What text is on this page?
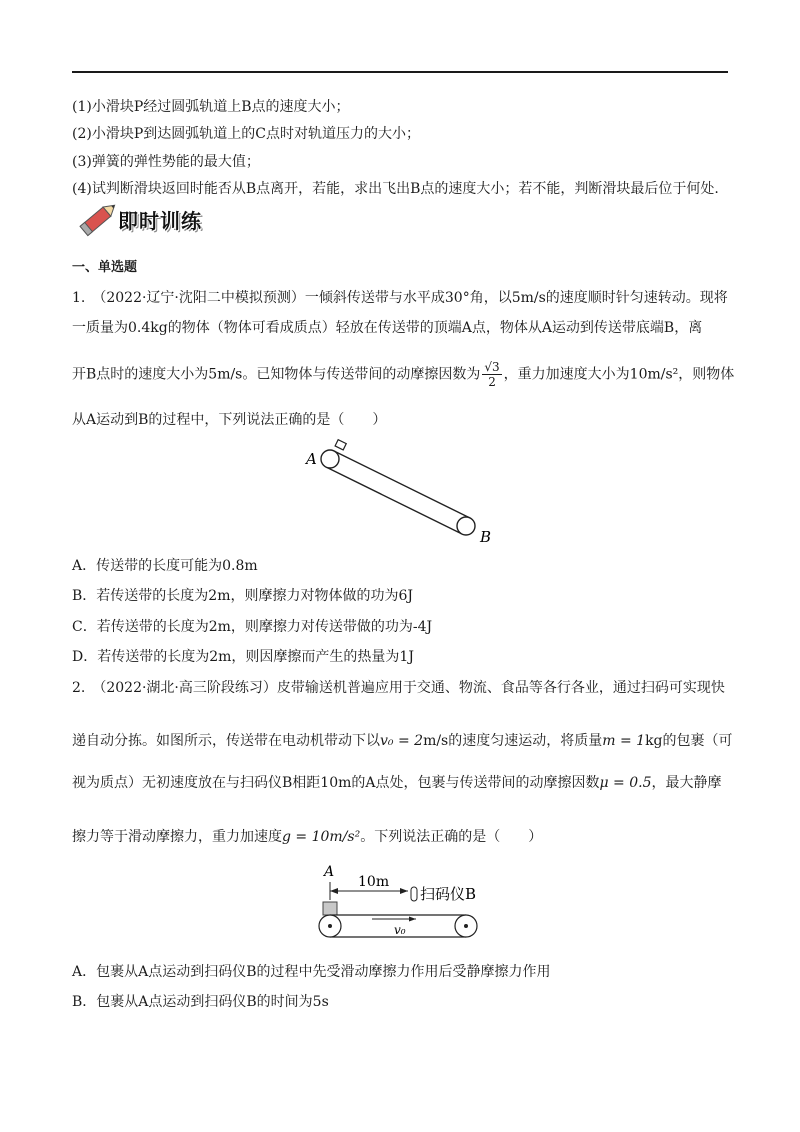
(1)小滑块P经过圆弧轨道上B点的速度大小；
(2)小滑块P到达圆弧轨道上的C点时对轨道压力的大小；
(3)弹簧的弹性势能的最大值；
(4)试判断滑块返回时能否从B点离开，若能，求出飞出B点的速度大小；若不能，判断滑块最后位于何处.
即时训练
一、单选题
1.　（2022·辽宁·沈阳二中模拟预测）一倾斜传送带与水平成30°角，以5m/s的速度顺时针匀速转动。现将
一质量为0.4kg的物体（物体可看成质点）轻放在传送带的顶端A点，物体从A运动到传送带底端B，离
开B点时的速度大小为5m/s。已知物体与传送带间的动摩擦因数为 $\frac{√3}{2}$ ，重力加速度大小为10m/s²，则物体
从A运动到B的过程中，下列说法正确的是（　　）
A
B
A．传送带的长度可能为0.8m
B．若传送带的长度为2m，则摩擦力对物体做的功为6J
C．若传送带的长度为2m，则摩擦力对传送带做的功为-4J
D．若传送带的长度为2m，则因摩擦而产生的热量为1J
2.　（2022·湖北·高三阶段练习）皮带输送机普遍应用于交通、物流、食品等各行各业，通过扫码可实现快
递自动分拣。如图所示，传送带在电动机带动下以v₀ = 2m/s的速度匀速运动，将质量m = 1kg的包裹（可
视为质点）无初速度放在与扫码仪B相距10m的A点处，包裹与传送带间的动摩擦因数μ = 0.5，最大静摩
擦力等于滑动摩擦力，重力加速度g = 10m/s²。下列说法正确的是（　　）
A
10m
扫码仪B
v₀
A．包裹从A点运动到扫码仪B的过程中先受滑动摩擦力作用后受静摩擦力作用
B．包裹从A点运动到扫码仪B的时间为5s
